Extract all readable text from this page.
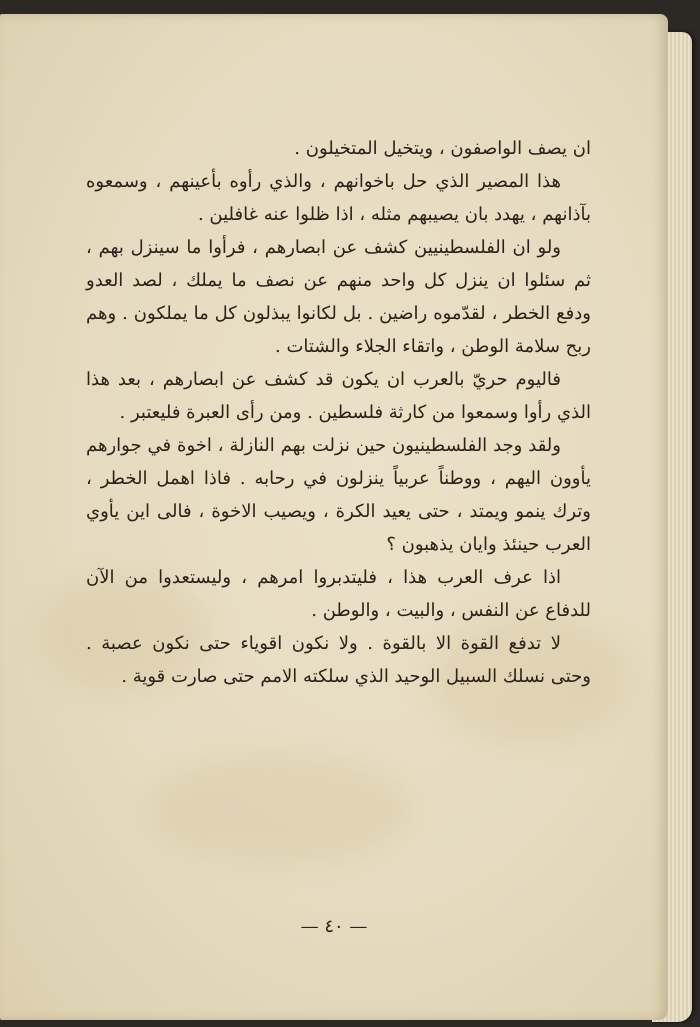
ان يصف الواصفون ، ويتخيل المتخيلون .

هذا المصير الذي حل باخوانهم ، والذي رأوه بأعينهم ، وسمعوه بآذانهم ، يهدد بان يصيبهم مثله ، اذا ظلوا عنه غافلين .

ولو ان الفلسطينيين كشف عن ابصارهم ، فرأوا ما سينزل بهم ، ثم سئلوا ان ينزل كل واحد منهم عن نصف ما يملك ، لصد العدو ودفع الخطر ، لقدّموه راضين . بل لكانوا يبذلون كل ما يملكون . وهم ربح سلامة الوطن ، واتقاء الجلاء والشتات .

فاليوم حريّ بالعرب ان يكون قد كشف عن ابصارهم ، بعد هذا الذي رأوا وسمعوا من كارثة فلسطين . ومن رأى العبرة فليعتبر .

ولقد وجد الفلسطينيون حين نزلت بهم النازلة ، اخوة في جوارهم يأوون اليهم ، ووطناً عربياً ينزلون في رحابه . فاذا اهمل الخطر ، وترك ينمو ويمتد ، حتى يعيد الكرة ، ويصيب الاخوة ، فالى اين يأوي العرب حينئذ وايان يذهبون ؟

اذا عرف العرب هذا ، فليتدبروا امرهم ، وليستعدوا من الآن للدفاع عن النفس ، والبيت ، والوطن .

لا تدفع القوة الا بالقوة . ولا نكون اقوياء حتى نكون عصبة . وحتى نسلك السبيل الوحيد الذي سلكته الامم حتى صارت قوية .

— ٤٠ —
